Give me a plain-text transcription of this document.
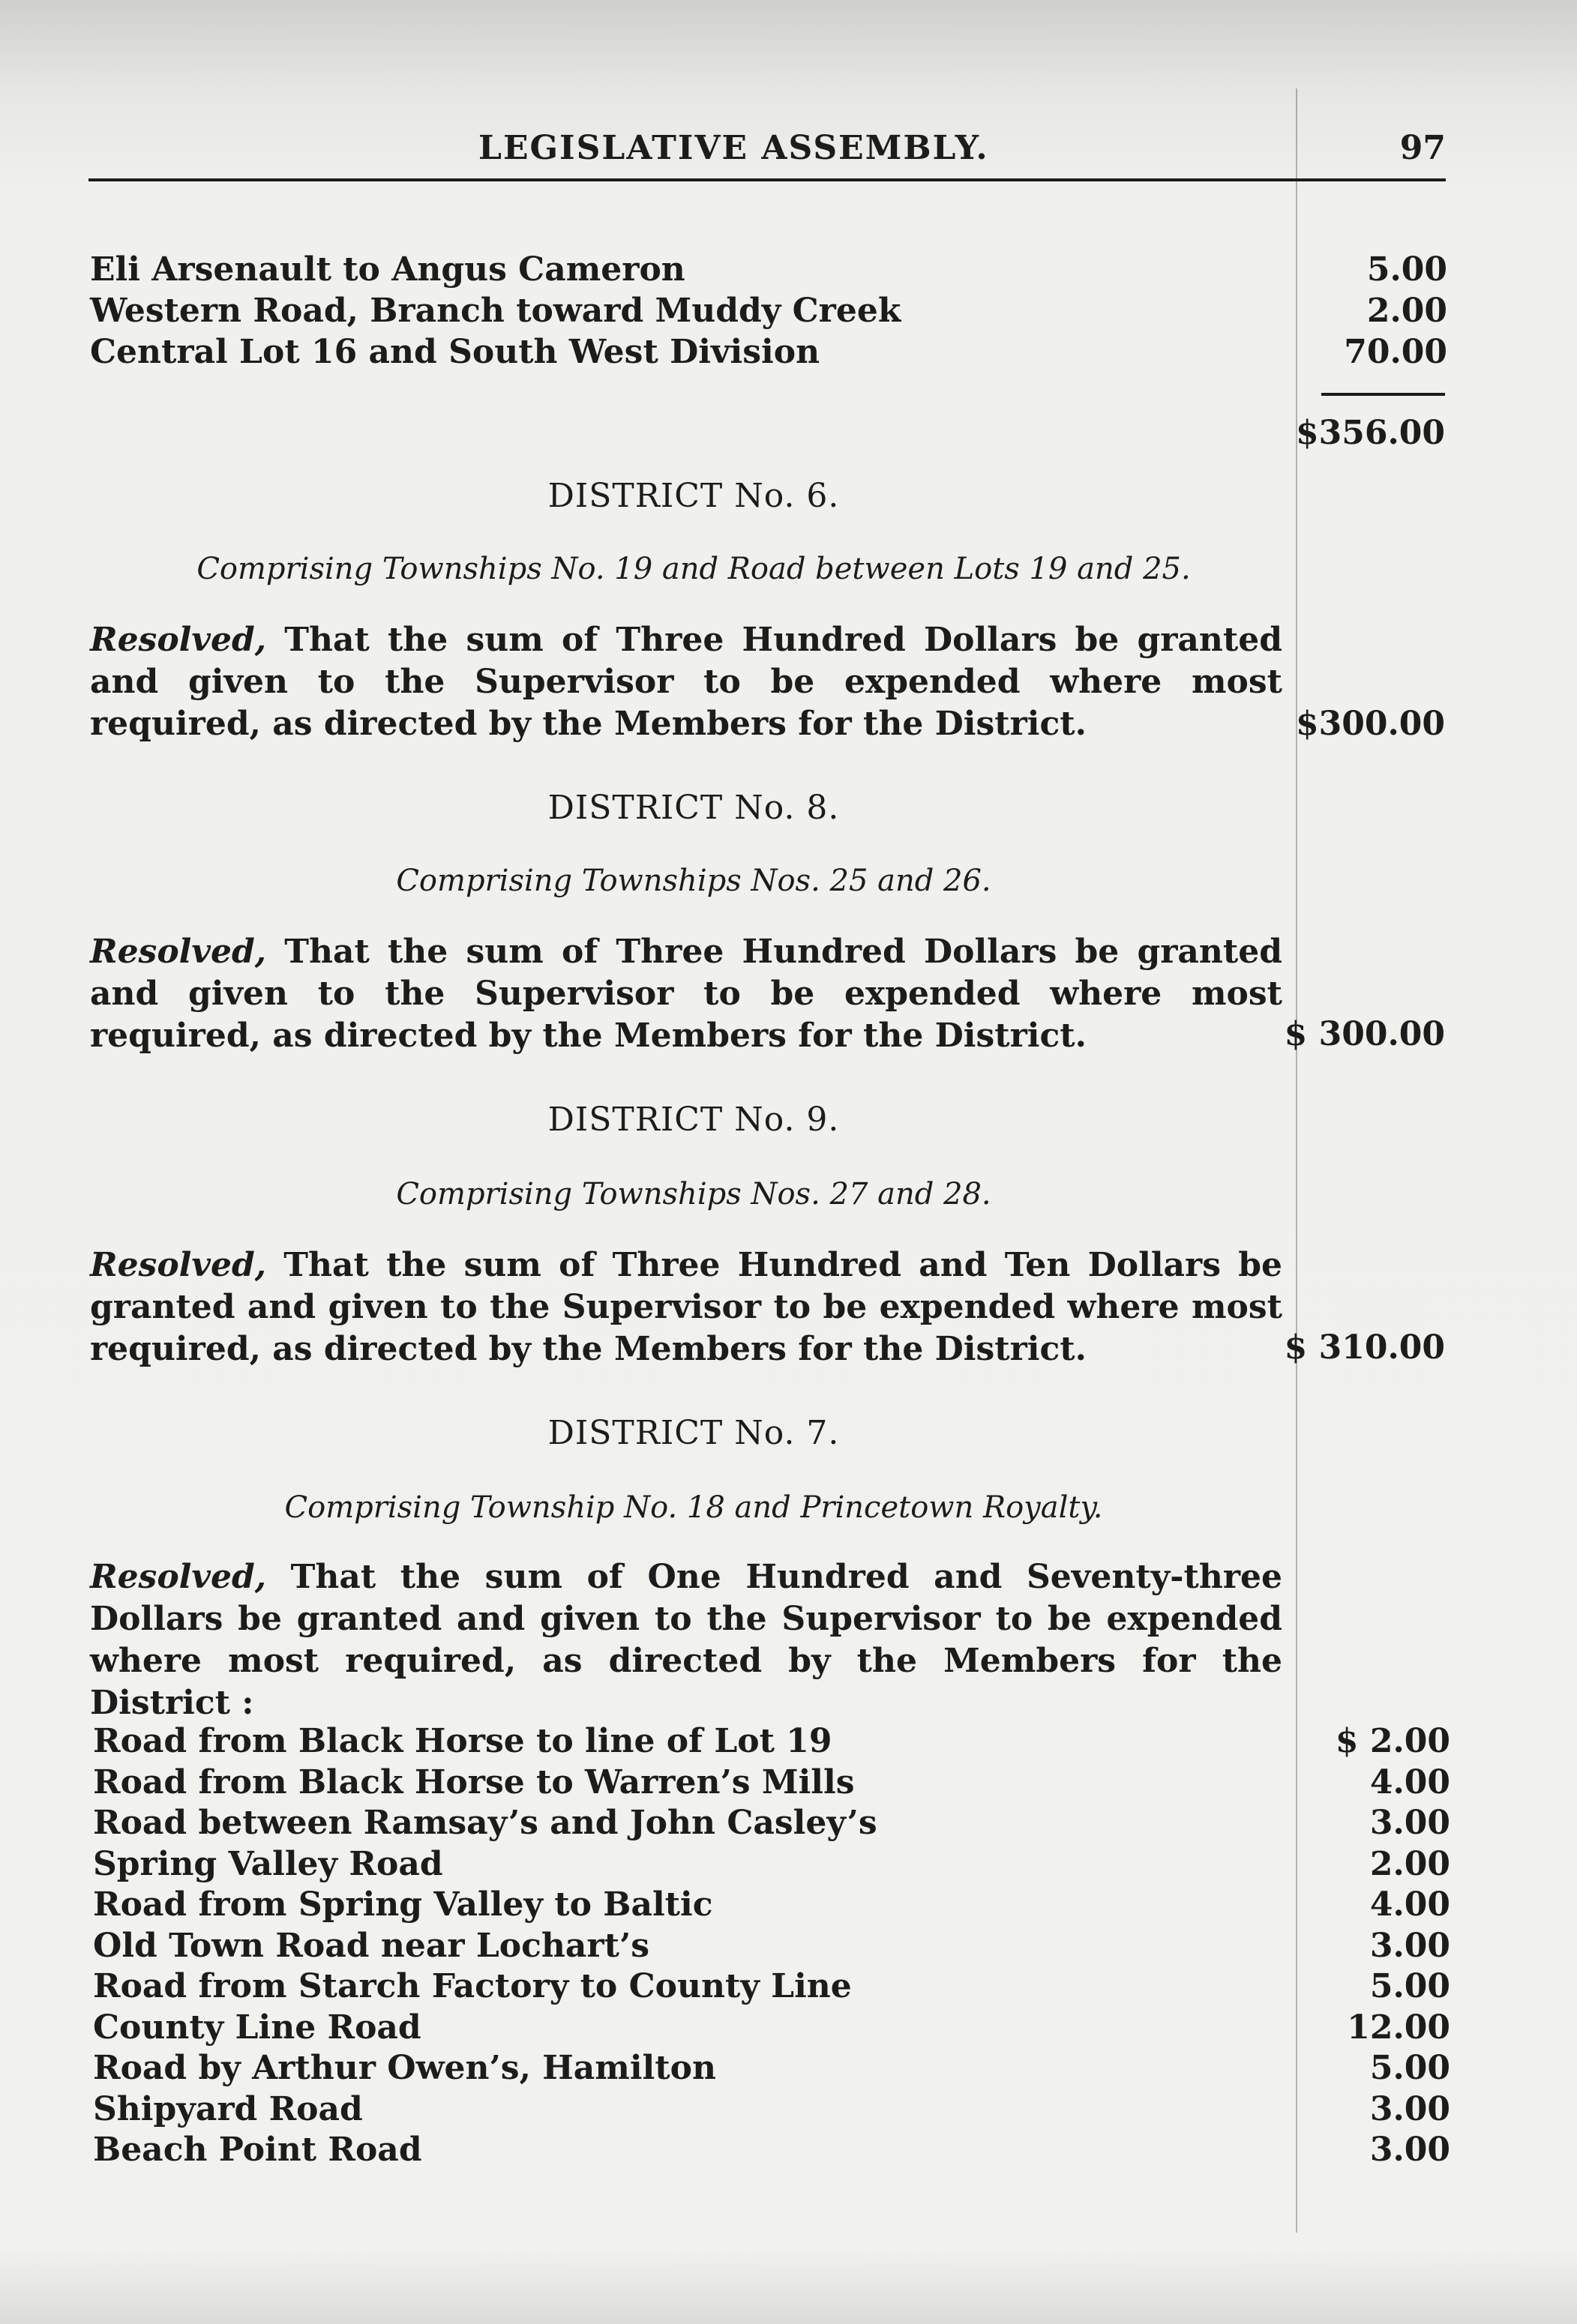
LEGISLATIVE ASSEMBLY.	97
Eli Arsenault to Angus Cameron	5.00
Western Road, Branch toward Muddy Creek	2.00
Central Lot 16 and South West Division	70.00
$356.00
DISTRICT No. 6.
Comprising Townships No. 19 and Road between Lots 19 and 25.
Resolved, That the sum of Three Hundred Dollars be granted and given to the Supervisor to be expended where most required, as directed by the Members for the District.	$300.00
DISTRICT No. 8.
Comprising Townships Nos. 25 and 26.
Resolved, That the sum of Three Hundred Dollars be granted and given to the Supervisor to be expended where most required, as directed by the Members for the District.	$ 300.00
DISTRICT No. 9.
Comprising Townships Nos. 27 and 28.
Resolved, That the sum of Three Hundred and Ten Dollars be granted and given to the Supervisor to be expended where most required, as directed by the Members for the District.	$ 310.00
DISTRICT No. 7.
Comprising Township No. 18 and Princetown Royalty.
Resolved, That the sum of One Hundred and Seventy-three Dollars be granted and given to the Supervisor to be expended where most required, as directed by the Members for the District :
Road from Black Horse to line of Lot 19	$ 2.00
Road from Black Horse to Warren’s Mills	4.00
Road between Ramsay’s and John Casley’s	3.00
Spring Valley Road	2.00
Road from Spring Valley to Baltic	4.00
Old Town Road near Lochart’s	3.00
Road from Starch Factory to County Line	5.00
County Line Road	12.00
Road by Arthur Owen’s, Hamilton	5.00
Shipyard Road	3.00
Beach Point Road	3.00
